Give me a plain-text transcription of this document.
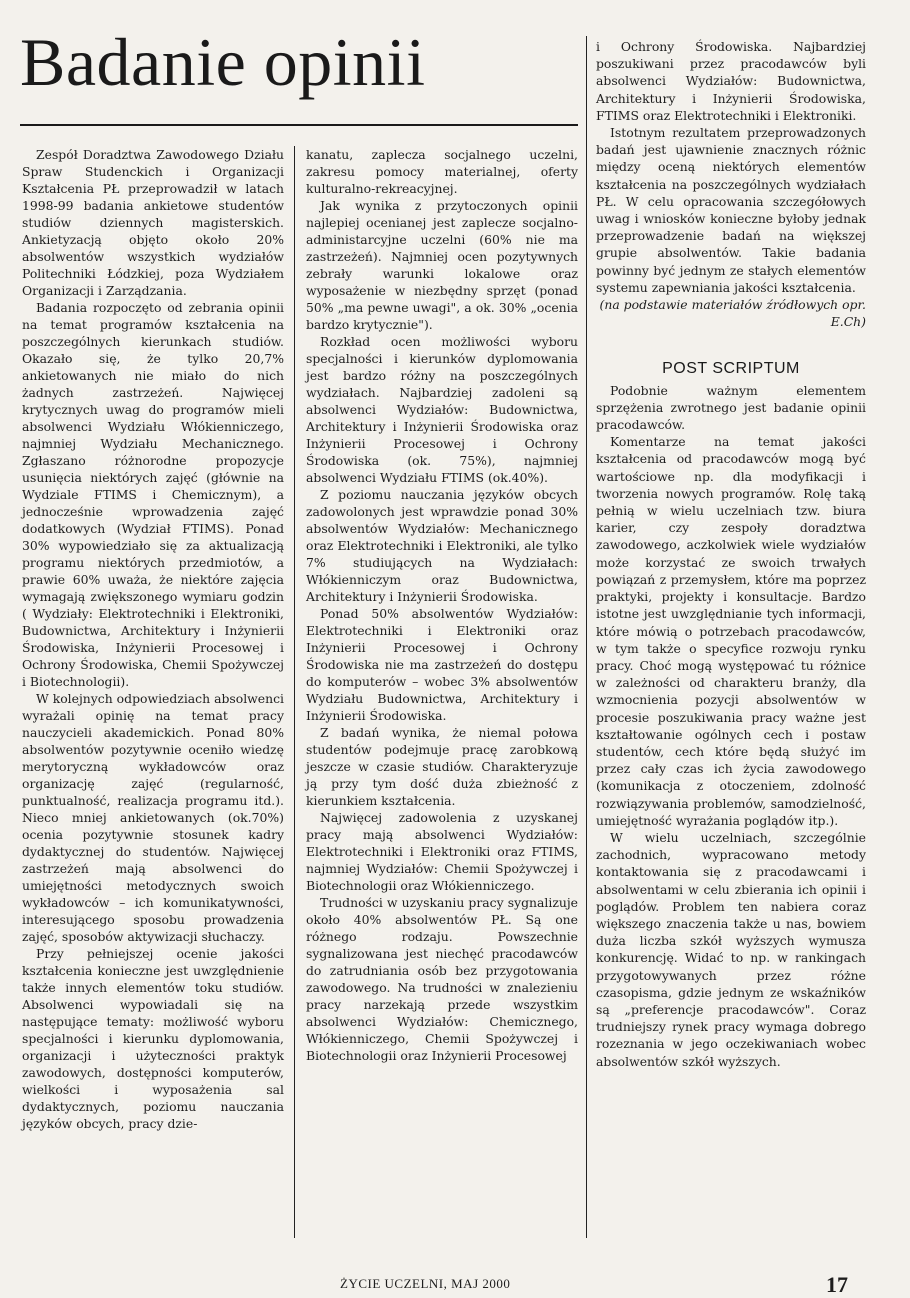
Badanie opinii

Zespół Doradztwa Zawodowego Działu Spraw Studenckich i Organizacji Kształcenia PŁ przeprowadził w latach 1998-99 badania ankietowe studentów studiów dziennych magisterskich. Ankietyzacją objęto około 20% absolwentów wszystkich wydziałów Politechniki Łódzkiej, poza Wydziałem Organizacji i Zarządzania.

Badania rozpoczęto od zebrania opinii na temat programów kształcenia na poszczególnych kierunkach studiów. Okazało się, że tylko 20,7% ankietowanych nie miało do nich żadnych zastrzeżeń. Najwięcej krytycznych uwag do programów mieli absolwenci Wydziału Włókienniczego, najmniej Wydziału Mechanicznego. Zgłaszano różnorodne propozycje usunięcia niektórych zajęć (głównie na Wydziale FTIMS i Chemicznym), a jednocześnie wprowadzenia zajęć dodatkowych (Wydział FTIMS). Ponad 30% wypowiedziało się za aktualizacją programu niektórych przedmiotów, a prawie 60% uważa, że niektóre zajęcia wymagają zwiększonego wymiaru godzin ( Wydziały: Elektrotechniki i Elektroniki, Budownictwa, Architektury i Inżynierii Środowiska, Inżynierii Procesowej i Ochrony Środowiska, Chemii Spożywczej i Biotechnologii).

W kolejnych odpowiedziach absolwenci wyrażali opinię na temat pracy nauczycieli akademickich. Ponad 80% absolwentów pozytywnie oceniło wiedzę merytoryczną wykładowców oraz organizację zajęć (regularność, punktualność, realizacja programu itd.). Nieco mniej ankietowanych (ok.70%) ocenia pozytywnie stosunek kadry dydaktycznej do studentów. Najwięcej zastrzeżeń mają absolwenci do umiejętności metodycznych swoich wykładowców – ich komunikatywności, interesującego sposobu prowadzenia zajęć, sposobów aktywizacji słuchaczy.

Przy pełniejszej ocenie jakości kształcenia konieczne jest uwzględnienie także innych elementów toku studiów. Absolwenci wypowiadali się na następujące tematy: możliwość wyboru specjalności i kierunku dyplomowania, organizacji i użyteczności praktyk zawodowych, dostępności komputerów, wielkości i wyposażenia sal dydaktycznych, poziomu nauczania języków obcych, pracy dzie-

kanatu, zaplecza socjalnego uczelni, zakresu pomocy materialnej, oferty kulturalno-rekreacyjnej.

Jak wynika z przytoczonych opinii najlepiej ocenianej jest zaplecze socjalno-administarcyjne uczelni (60% nie ma zastrzeżeń). Najmniej ocen pozytywnych zebrały warunki lokalowe oraz wyposażenie w niezbędny sprzęt (ponad 50% „ma pewne uwagi", a ok. 30% „ocenia bardzo krytycznie").

Rozkład ocen możliwości wyboru specjalności i kierunków dyplomowania jest bardzo różny na poszczególnych wydziałach. Najbardziej zadoleni są absolwenci Wydziałów: Budownictwa, Architektury i Inżynierii Środowiska oraz Inżynierii Procesowej i Ochrony Środowiska (ok. 75%), najmniej absolwenci Wydziału FTIMS (ok.40%).

Z poziomu nauczania języków obcych zadowolonych jest wprawdzie ponad 30% absolwentów Wydziałów: Mechanicznego oraz Elektrotechniki i Elektroniki, ale tylko 7% studiujących na Wydziałach: Włókienniczym oraz Budownictwa, Architektury i Inżynierii Środowiska.

Ponad 50% absolwentów Wydziałów: Elektrotechniki i Elektroniki oraz Inżynierii Procesowej i Ochrony Środowiska nie ma zastrzeżeń do dostępu do komputerów – wobec 3% absolwentów Wydziału Budownictwa, Architektury i Inżynierii Środowiska.

Z badań wynika, że niemal połowa studentów podejmuje pracę zarobkową jeszcze w czasie studiów. Charakteryzuje ją przy tym dość duża zbieżność z kierunkiem kształcenia.

Najwięcej zadowolenia z uzyskanej pracy mają absolwenci Wydziałów: Elektrotechniki i Elektroniki oraz FTIMS, najmniej Wydziałów: Chemii Spożywczej i Biotechnologii oraz Włókienniczego.

Trudności w uzyskaniu pracy sygnalizuje około 40% absolwentów PŁ. Są one różnego rodzaju. Powszechnie sygnalizowana jest niechęć pracodawców do zatrudniania osób bez przygotowania zawodowego. Na trudności w znalezieniu pracy narzekają przede wszystkim absolwenci Wydziałów: Chemicznego, Włókienniczego, Chemii Spożywczej i Biotechnologii oraz Inżynierii Procesowej

i Ochrony Środowiska. Najbardziej poszukiwani przez pracodawców byli absolwenci Wydziałów: Budownictwa, Architektury i Inżynierii Środowiska, FTIMS oraz Elektrotechniki i Elektroniki.

Istotnym rezultatem przeprowadzonych badań jest ujawnienie znacznych różnic między oceną niektórych elementów kształcenia na poszczególnych wydziałach PŁ. W celu opracowania szczegółowych uwag i wniosków konieczne byłoby jednak przeprowadzenie badań na większej grupie absolwentów. Takie badania powinny być jednym ze stałych elementów systemu zapewniania jakości kształcenia.

(na podstawie materiałów źródłowych opr. E.Ch)

POST SCRIPTUM

Podobnie ważnym elementem sprzężenia zwrotnego jest badanie opinii pracodawców.

Komentarze na temat jakości kształcenia od pracodawców mogą być wartościowe np. dla modyfikacji i tworzenia nowych programów. Rolę taką pełnią w wielu uczelniach tzw. biura karier, czy zespoły doradztwa zawodowego, aczkolwiek wiele wydziałów może korzystać ze swoich trwałych powiązań z przemysłem, które ma poprzez praktyki, projekty i konsultacje. Bardzo istotne jest uwzględnianie tych informacji, które mówią o potrzebach pracodawców, w tym także o specyfice rozwoju rynku pracy. Choć mogą występować tu różnice w zależności od charakteru branży, dla wzmocnienia pozycji absolwentów w procesie poszukiwania pracy ważne jest kształtowanie ogólnych cech i postaw studentów, cech które będą służyć im przez cały czas ich życia zawodowego (komunikacja z otoczeniem, zdolność rozwiązywania problemów, samodzielność, umiejętność wyrażania poglądów itp.).

W wielu uczelniach, szczególnie zachodnich, wypracowano metody kontaktowania się z pracodawcami i absolwentami w celu zbierania ich opinii i poglądów. Problem ten nabiera coraz większego znaczenia także u nas, bowiem duża liczba szkół wyższych wymusza konkurencję. Widać to np. w rankingach przygotowywanych przez różne czasopisma, gdzie jednym ze wskaźników są „preferencje pracodawców". Coraz trudniejszy rynek pracy wymaga dobrego rozeznania w jego oczekiwaniach wobec absolwentów szkół wyższych.

ŻYCIE UCZELNI, MAJ 2000	17
